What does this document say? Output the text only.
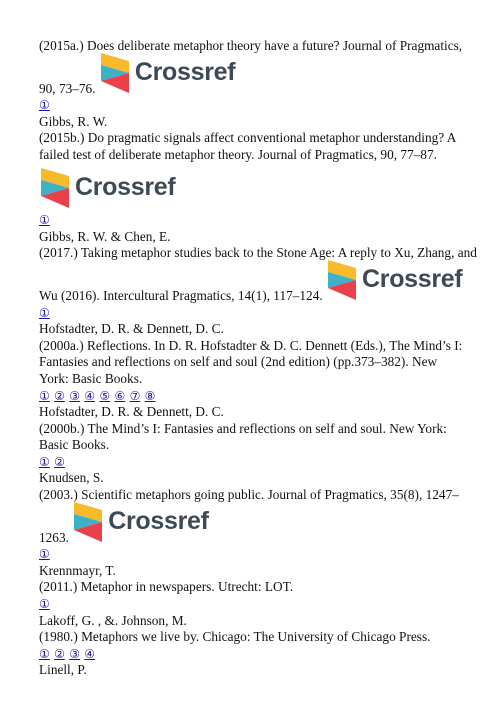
(2015a.) Does deliberate metaphor theory have a future? Journal of Pragmatics,
90, 73–76.
Crossref
①
Gibbs, R. W.
(2015b.) Do pragmatic signals affect conventional metaphor understanding? A failed test of deliberate metaphor theory. Journal of Pragmatics, 90, 77–87.
Crossref
①
Gibbs, R. W. & Chen, E.
(2017.) Taking metaphor studies back to the Stone Age: A reply to Xu, Zhang, and
Wu (2016). Intercultural Pragmatics, 14(1), 117–124.
Crossref
①
Hofstadter, D. R. & Dennett, D. C.
(2000a.) Reflections. In D. R. Hofstadter & D. C. Dennett (Eds.), The Mind’s I: Fantasies and reflections on self and soul (2nd edition) (pp.373–382). New York: Basic Books.
① ② ③ ④ ⑤ ⑥ ⑦ ⑧
Hofstadter, D. R. & Dennett, D. C.
(2000b.) The Mind’s I: Fantasies and reflections on self and soul. New York: Basic Books.
① ②
Knudsen, S.
(2003.) Scientific metaphors going public. Journal of Pragmatics, 35(8), 1247–
1263.
Crossref
①
Krennmayr, T.
(2011.) Metaphor in newspapers. Utrecht: LOT.
①
Lakoff, G. , &. Johnson, M.
(1980.) Metaphors we live by. Chicago: The University of Chicago Press.
① ② ③ ④
Linell, P.
